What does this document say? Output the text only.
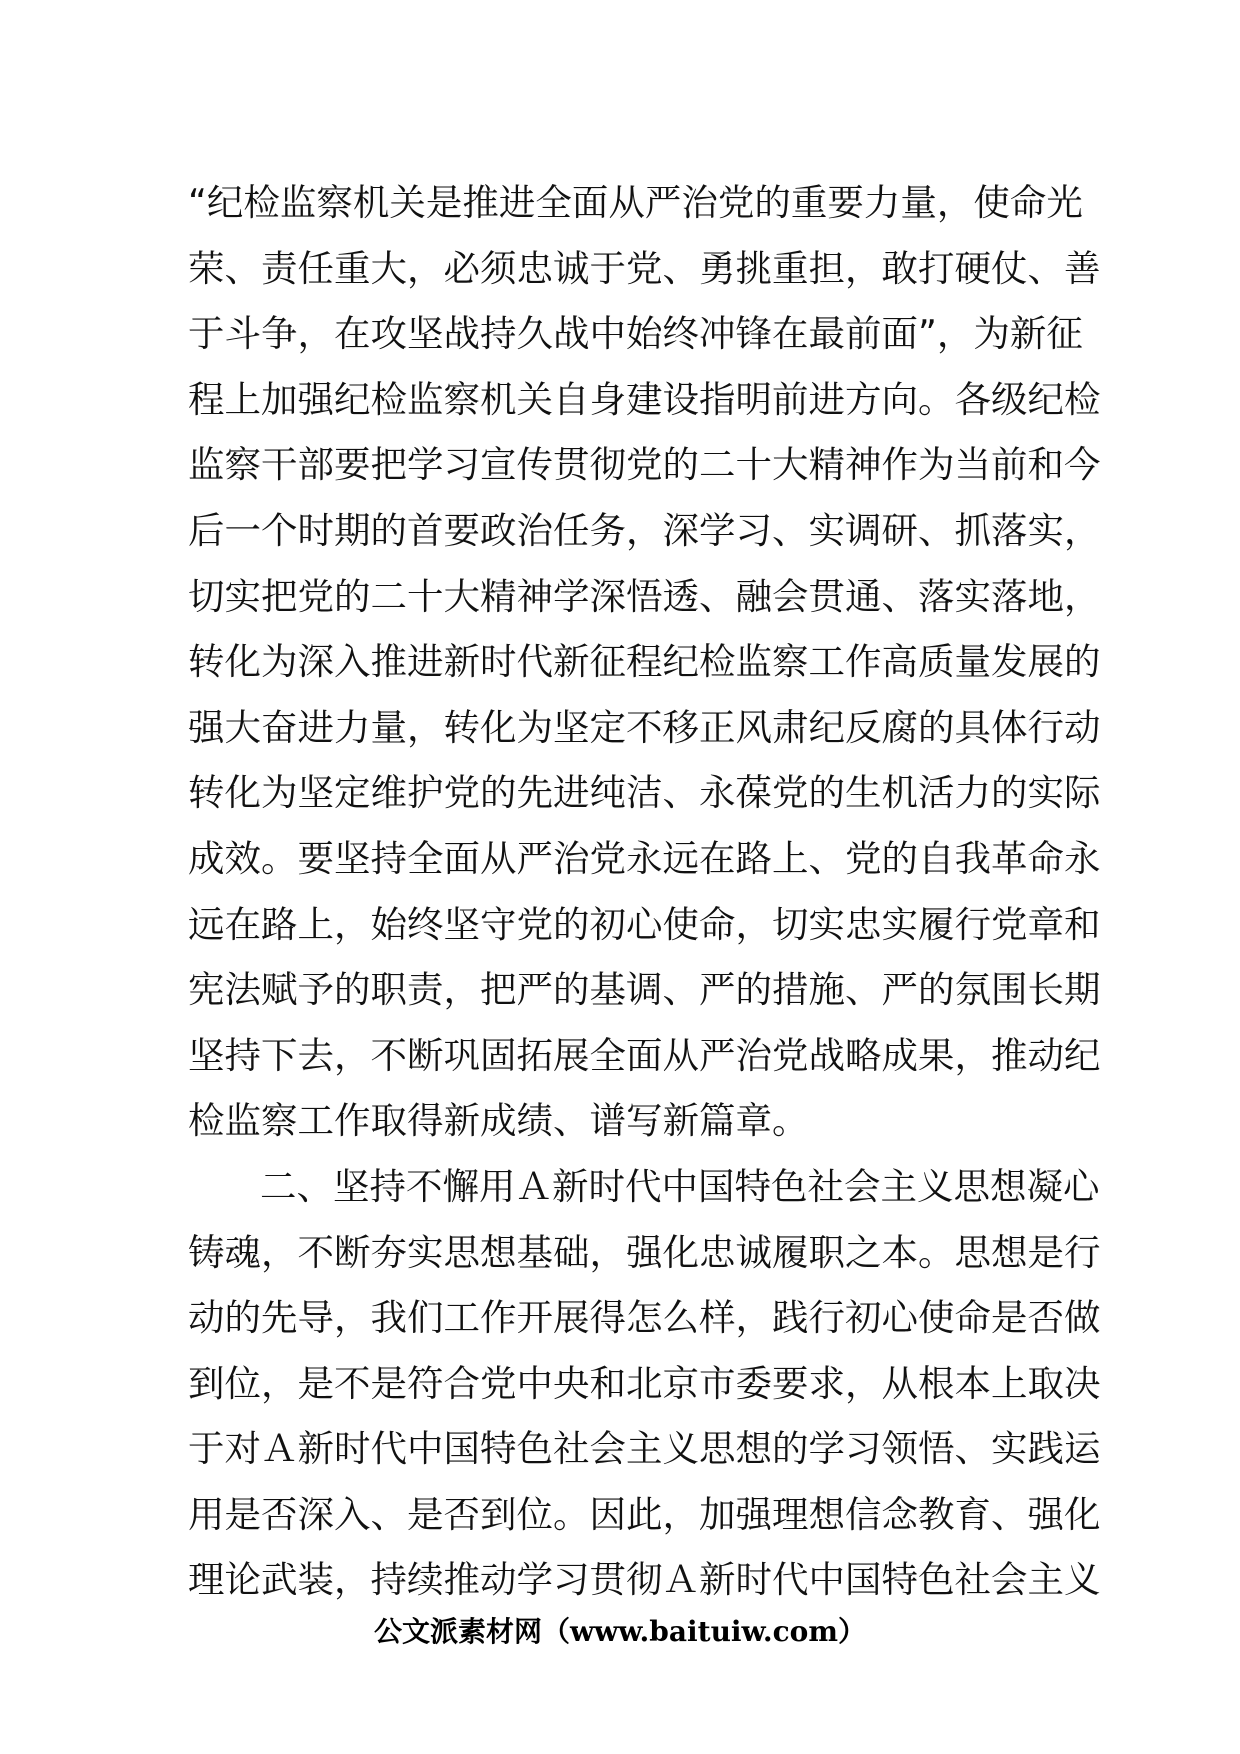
“纪检监察机关是推进全面从严治党的重要力量，使命光
荣、责任重大，必须忠诚于党、勇挑重担，敢打硬仗、善
于斗争，在攻坚战持久战中始终冲锋在最前面”，为新征
程上加强纪检监察机关自身建设指明前进方向。各级纪检
监察干部要把学习宣传贯彻党的二十大精神作为当前和今
后一个时期的首要政治任务，深学习、实调研、抓落实，
切实把党的二十大精神学深悟透、融会贯通、落实落地，
转化为深入推进新时代新征程纪检监察工作高质量发展的
强大奋进力量，转化为坚定不移正风肃纪反腐的具体行动
转化为坚定维护党的先进纯洁、永葆党的生机活力的实际
成效。要坚持全面从严治党永远在路上、党的自我革命永
远在路上，始终坚守党的初心使命，切实忠实履行党章和
宪法赋予的职责，把严的基调、严的措施、严的氛围长期
坚持下去，不断巩固拓展全面从严治党战略成果，推动纪
检监察工作取得新成绩、谱写新篇章。
二、坚持不懈用Ａ新时代中国特色社会主义思想凝心
铸魂，不断夯实思想基础，强化忠诚履职之本。思想是行
动的先导，我们工作开展得怎么样，践行初心使命是否做
到位，是不是符合党中央和北京市委要求，从根本上取决
于对Ａ新时代中国特色社会主义思想的学习领悟、实践运
用是否深入、是否到位。因此，加强理想信念教育、强化
理论武装，持续推动学习贯彻Ａ新时代中国特色社会主义
公文派素材网（www.baituiw.com）
